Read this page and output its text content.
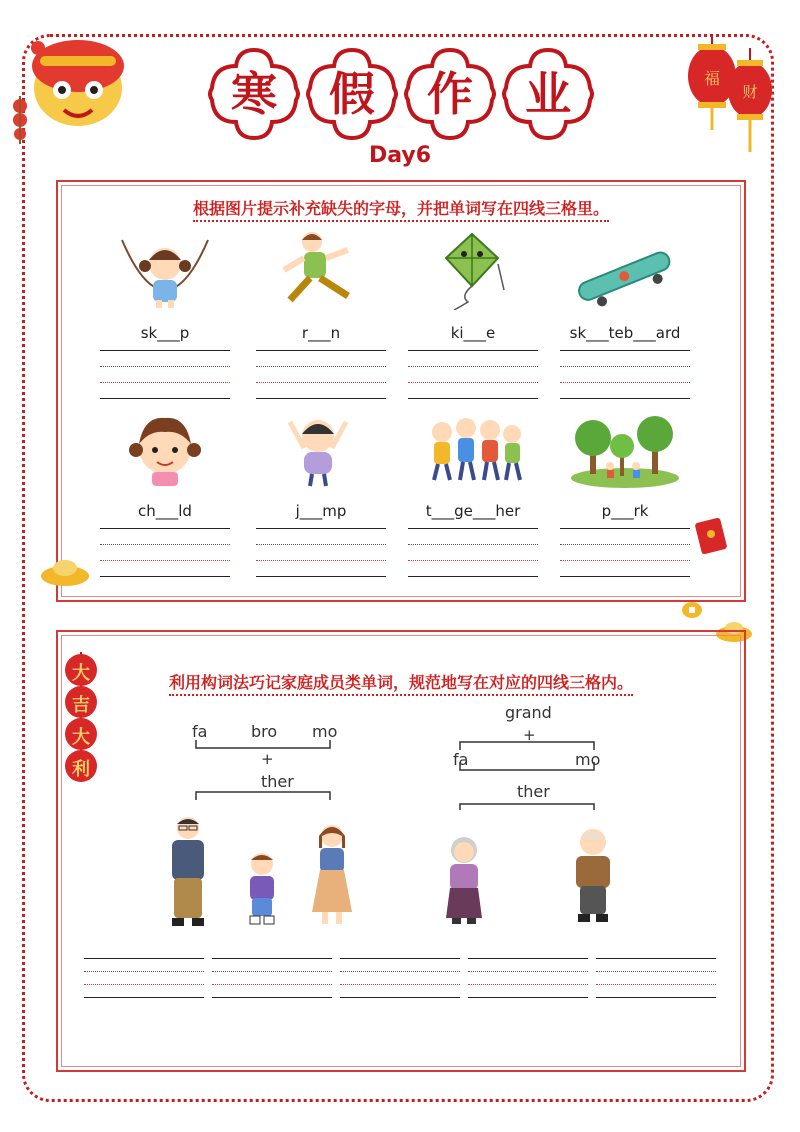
福
财
寒	假	作	业
Day6
根据图片提示补充缺失的字母，并把单词写在四线三格里。
sk___p	r___n	ki___e	sk___teb___ard
ch___ld	j___mp	t___ge___her	p___rk
利用构词法巧记家庭成员类单词，规范地写在对应的四线三格内。
大
吉
大
利
fa	bro mo
+
ther
grand
+
fa	mo
ther
